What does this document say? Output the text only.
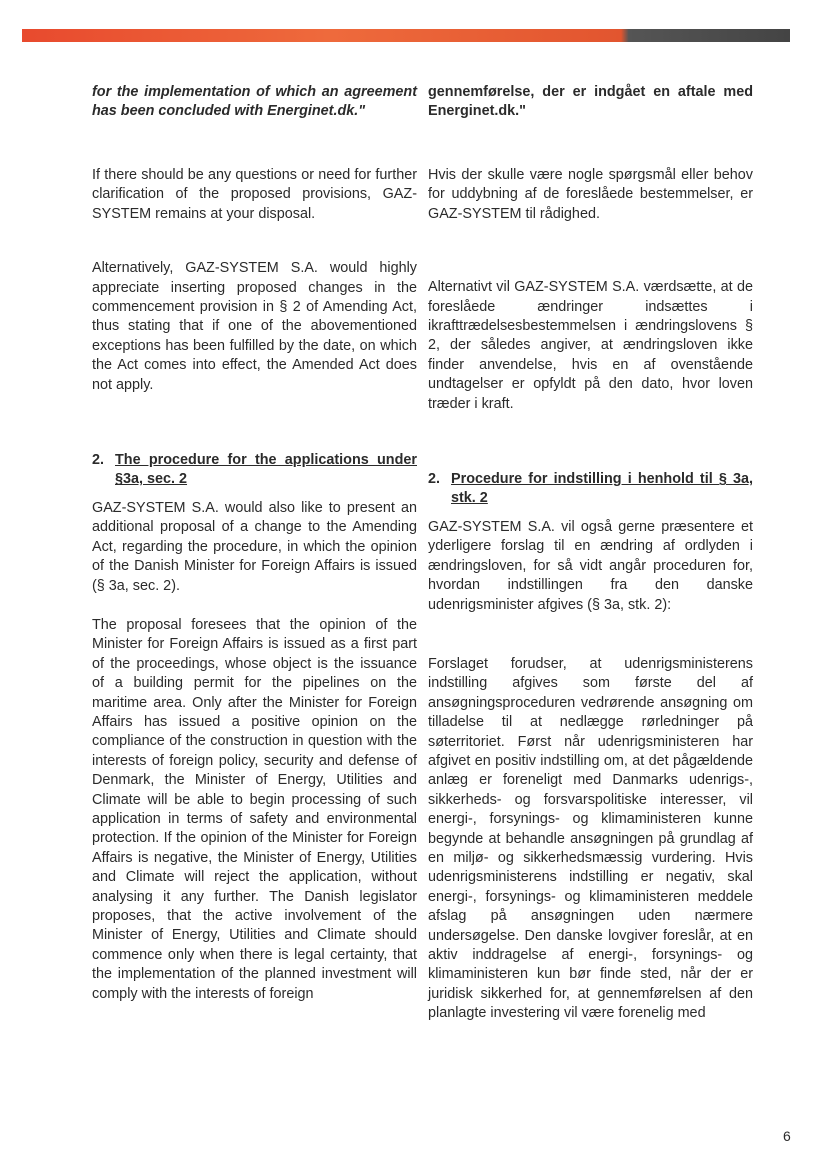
for the implementation of which an agreement has been concluded with Energinet.dk."

If there should be any questions or need for further clarification of the proposed provisions, GAZ-SYSTEM remains at your disposal.

Alternatively, GAZ-SYSTEM S.A. would highly appreciate inserting proposed changes in the commencement provision in § 2 of Amending Act, thus stating that if one of the abovementioned exceptions has been fulfilled by the date, on which the Act comes into effect, the Amended Act does not apply.

2. The procedure for the applications under §3a, sec. 2

GAZ-SYSTEM S.A. would also like to present an additional proposal of a change to the Amending Act, regarding the procedure, in which the opinion of the Danish Minister for Foreign Affairs is issued (§ 3a, sec. 2).

The proposal foresees that the opinion of the Minister for Foreign Affairs is issued as a first part of the proceedings, whose object is the issuance of a building permit for the pipelines on the maritime area. Only after the Minister for Foreign Affairs has issued a positive opinion on the compliance of the construction in question with the interests of foreign policy, security and defense of Denmark, the Minister of Energy, Utilities and Climate will be able to begin processing of such application in terms of safety and environmental protection. If the opinion of the Minister for Foreign Affairs is negative, the Minister of Energy, Utilities and Climate will reject the application, without analysing it any further. The Danish legislator proposes, that the active involvement of the Minister of Energy, Utilities and Climate should commence only when there is legal certainty, that the implementation of the planned investment will comply with the interests of foreign

gennemførelse, der er indgået en aftale med Energinet.dk."

Hvis der skulle være nogle spørgsmål eller behov for uddybning af de foreslåede bestemmelser, er GAZ-SYSTEM til rådighed.

Alternativt vil GAZ-SYSTEM S.A. værdsætte, at de foreslåede ændringer indsættes i ikrafttrædelsesbestemmelsen i ændringslovens § 2, der således angiver, at ændringsloven ikke finder anvendelse, hvis en af ovenstående undtagelser er opfyldt på den dato, hvor loven træder i kraft.

2. Procedure for indstilling i henhold til § 3a, stk. 2

GAZ-SYSTEM S.A. vil også gerne præsentere et yderligere forslag til en ændring af ordlyden i ændringsloven, for så vidt angår proceduren for, hvordan indstillingen fra den danske udenrigsminister afgives (§ 3a, stk. 2):

Forslaget forudser, at udenrigsministerens indstilling afgives som første del af ansøgningsproceduren vedrørende ansøgning om tilladelse til at nedlægge rørledninger på søterritoriet. Først når udenrigsministeren har afgivet en positiv indstilling om, at det pågældende anlæg er foreneligt med Danmarks udenrigs-, sikkerheds- og forsvarspolitiske interesser, vil energi-, forsynings- og klimaministeren kunne begynde at behandle ansøgningen på grundlag af en miljø- og sikkerhedsmæssig vurdering. Hvis udenrigsministerens indstilling er negativ, skal energi-, forsynings- og klimaministeren meddele afslag på ansøgningen uden nærmere undersøgelse. Den danske lovgiver foreslår, at en aktiv inddragelse af energi-, forsynings- og klimaministeren kun bør finde sted, når der er juridisk sikkerhed for, at gennemførelsen af den planlagte investering vil være forenelig med

6
